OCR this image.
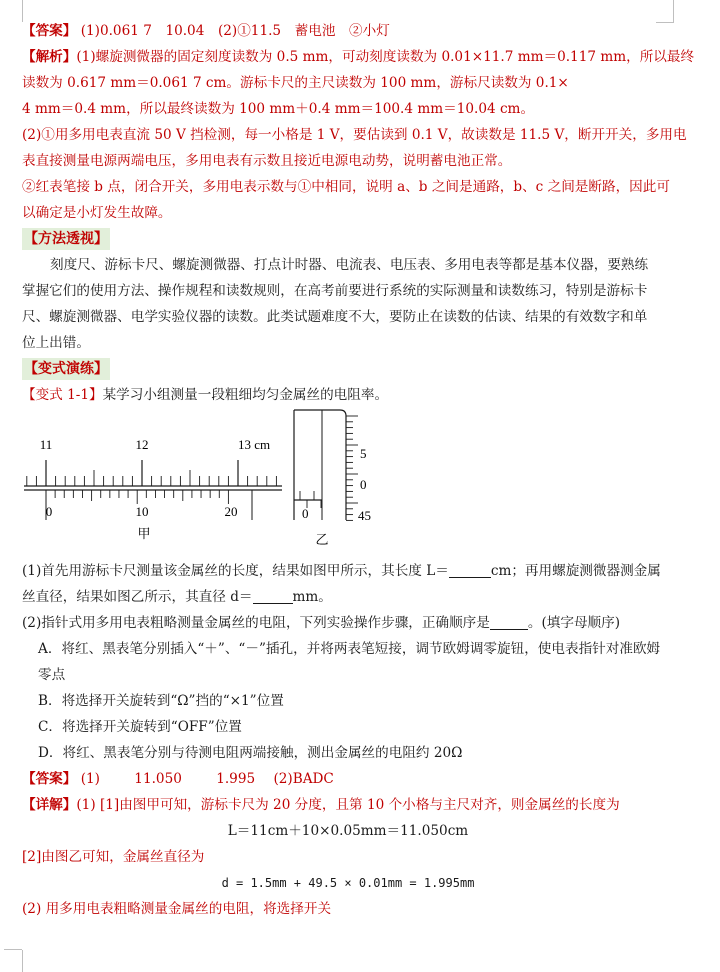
【答案】 (1)0.061 7　10.04　(2)①11.5　蓄电池　②小灯
【解析】(1)螺旋测微器的固定刻度读数为 0.5 mm，可动刻度读数为 0.01×11.7 mm＝0.117 mm，所以最终
读数为 0.617 mm＝0.061 7 cm。游标卡尺的主尺读数为 100 mm，游标尺读数为 0.1×
4 mm＝0.4 mm，所以最终读数为 100 mm＋0.4 mm＝100.4 mm＝10.04 cm。
(2)①用多用电表直流 50 V 挡检测，每一小格是 1 V，要估读到 0.1 V，故读数是 11.5 V，断开开关，多用电
表直接测量电源两端电压，多用电表有示数且接近电源电动势，说明蓄电池正常。
②红表笔接 b 点，闭合开关，多用电表示数与①中相同，说明 a、b 之间是通路，b、c 之间是断路，因此可
以确定是小灯发生故障。
【方法透视】
刻度尺、游标卡尺、螺旋测微器、打点计时器、电流表、电压表、多用电表等都是基本仪器，要熟练
掌握它们的使用方法、操作规程和读数规则，在高考前要进行系统的实际测量和读数练习，特别是游标卡
尺、螺旋测微器、电学实验仪器的读数。此类试题难度不大，要防止在读数的估读、结果的有效数字和单
位上出错。
【变式演练】
【变式 1-1】某学习小组测量一段粗细均匀金属丝的电阻率。
11	12	13 cm
0	10	20
甲
0
5
0
45
乙
(1)首先用游标卡尺测量该金属丝的长度，结果如图甲所示，其长度 L＝	cm；再用螺旋测微器测金属
丝直径，结果如图乙所示，其直径 d＝	mm。
(2)指针式用多用电表粗略测量金属丝的电阻，下列实验操作步骤，正确顺序是	。(填字母顺序)
A．将红、黑表笔分别插入“＋”、“－”插孔，并将两表笔短接，调节欧姆调零旋钮，使电表指针对准欧姆
零点
B．将选择开关旋转到“Ω”挡的“×1”位置
C．将选择开关旋转到“OFF”位置
D．将红、黑表笔分别与待测电阻两端接触，测出金属丝的电阻约 20Ω
【答案】 (1)	11.050	1.995 (2)BADC
【详解】(1) [1]由图甲可知，游标卡尺为 20 分度，且第 10 个小格与主尺对齐，则金属丝的长度为
L＝11cm＋10×0.05mm＝11.050cm
[2]由图乙可知，金属丝直径为
d = 1.5mm + 49.5 × 0.01mm = 1.995mm
(2) 用多用电表粗略测量金属丝的电阻，将选择开关
